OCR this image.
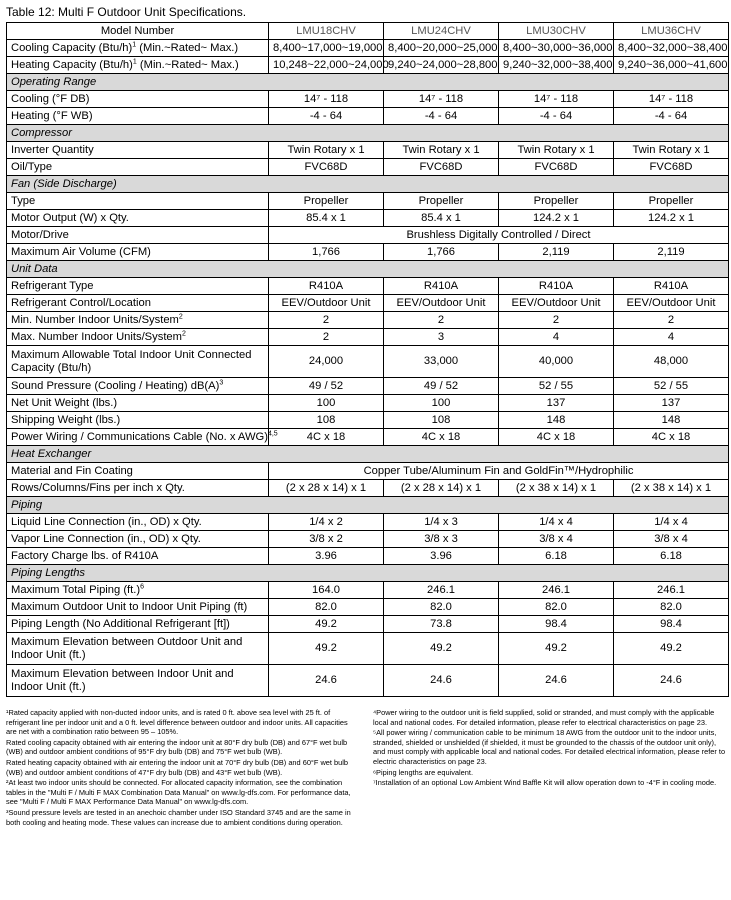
Table 12: Multi F Outdoor Unit Specifications.
Model Number	LMU18CHV	LMU24CHV	LMU30CHV	LMU36CHV
Cooling Capacity $(Btu/h)^1$ (Min.~Rated~ Max.)	8,400~17,000~19,000	8,400~20,000~25,000	8,400~30,000~36,000	8,400~32,000~38,400
Heating Capacity $(Btu/h)^1$ (Min.~Rated~ Max.)	10,248~22,000~24,000	9,240~24,000~28,800	9,240~32,000~38,400	9,240~36,000~41,600
Operating Range				
Cooling (°F DB)	14⁷ - 118	14⁷ - 118	14⁷ - 118	14⁷ - 118
Heating (°F WB)	-4 - 64	-4 - 64	-4 - 64	-4 - 64
Compressor				
Inverter Quantity	Twin Rotary x 1	Twin Rotary x 1	Twin Rotary x 1	Twin Rotary x 1
Oil/Type	FVC68D	FVC68D	FVC68D	FVC68D
Fan (Side Discharge)				
Type	Propeller	Propeller	Propeller	Propeller
Motor Output (W) x Qty.	85.4 x 1	85.4 x 1	124.2 x 1	124.2 x 1
Motor/Drive	Brushless Digitally Controlled / Direct			
Maximum Air Volume (CFM)	1,766	1,766	2,119	2,119
Unit Data				
Refrigerant Type	R410A	R410A	R410A	R410A
Refrigerant Control/Location	EEV/Outdoor Unit	EEV/Outdoor Unit	EEV/Outdoor Unit	EEV/Outdoor Unit
Min. Number Indoor Units/System$^2$	2	2	2	2
Max. Number Indoor Units/System$^2$	2	3	4	4
Maximum Allowable Total Indoor Unit Connected Capacity (Btu/h)	24,000	33,000	40,000	48,000
Sound Pressure (Cooling / Heating) $dB(A)^3$	49 / 52	49 / 52	52 / 55	52 / 55
Net Unit Weight (lbs.)	100	100	137	137
Shipping Weight (lbs.)	108	108	148	148
Power Wiring / Communications Cable (No. x AWG)$^{4,5}$	4C x 18	4C x 18	4C x 18	4C x 18
Heat Exchanger				
Material and Fin Coating	Copper Tube/Aluminum Fin and GoldFin™/Hydrophilic			
Rows/Columns/Fins per inch x Qty.	(2 x 28 x 14) x 1	(2 x 28 x 14) x 1	(2 x 38 x 14) x 1	(2 x 38 x 14) x 1
Piping				
Liquid Line Connection (in., OD) x Qty.	1/4 x 2	1/4 x 3	1/4 x 4	1/4 x 4
Vapor Line Connection (in., OD) x Qty.	3/8 x 2	3/8 x 3	3/8 x 4	3/8 x 4
Factory Charge lbs. of R410A	3.96	3.96	6.18	6.18
Piping Lengths				
Maximum Total Piping $(ft.)^6$	164.0	246.1	246.1	246.1
Maximum Outdoor Unit to Indoor Unit Piping (ft)	82.0	82.0	82.0	82.0
Piping Length (No Additional Refrigerant [ft])	49.2	73.8	98.4	98.4
Maximum Elevation between Outdoor Unit and Indoor Unit (ft.)	49.2	49.2	49.2	49.2
Maximum Elevation between Indoor Unit and Indoor Unit (ft.)	24.6	24.6	24.6	24.6

¹Rated capacity applied with non-ducted indoor units, and is rated 0 ft. above sea level with 25 ft. of refrigerant line per indoor unit and a 0 ft. level difference between outdoor and indoor units. All capacities are net with a combination ratio between 95 – 105%.

Rated cooling capacity obtained with air entering the indoor unit at 80°F dry bulb (DB) and 67°F wet bulb (WB) and outdoor ambient conditions of 95°F dry bulb (DB) and 75°F wet bulb (WB).

Rated heating capacity obtained with air entering the indoor unit at 70°F dry bulb (DB) and 60°F wet bulb (WB) and outdoor ambient conditions of 47°F dry bulb (DB) and 43°F wet bulb (WB).

²At least two indoor units should be connected. For allocated capacity information, see the combination tables in the "Multi F / Multi F MAX Combination Data Manual" on www.lg-dfs.com. For performance data, see "Multi F / Multi F MAX Performance Data Manual" on www.lg-dfs.com.

³Sound pressure levels are tested in an anechoic chamber under ISO Standard 3745 and are the same in both cooling and heating mode. These values can increase due to ambient conditions during operation.

⁴Power wiring to the outdoor unit is field supplied, solid or stranded, and must comply with the applicable local and national codes. For detailed information, please refer to electrical characteristics on page 23.

⁵All power wiring / communication cable to be minimum 18 AWG from the outdoor unit to the indoor units, stranded, shielded or unshielded (if shielded, it must be grounded to the chassis of the outdoor unit only), and must comply with applicable local and national codes. For detailed electrical information, please refer to electric characteristics on page 23.

⁶Piping lengths are equivalent.

⁷Installation of an optional Low Ambient Wind Baffle Kit will allow operation down to -4°F in cooling mode.
